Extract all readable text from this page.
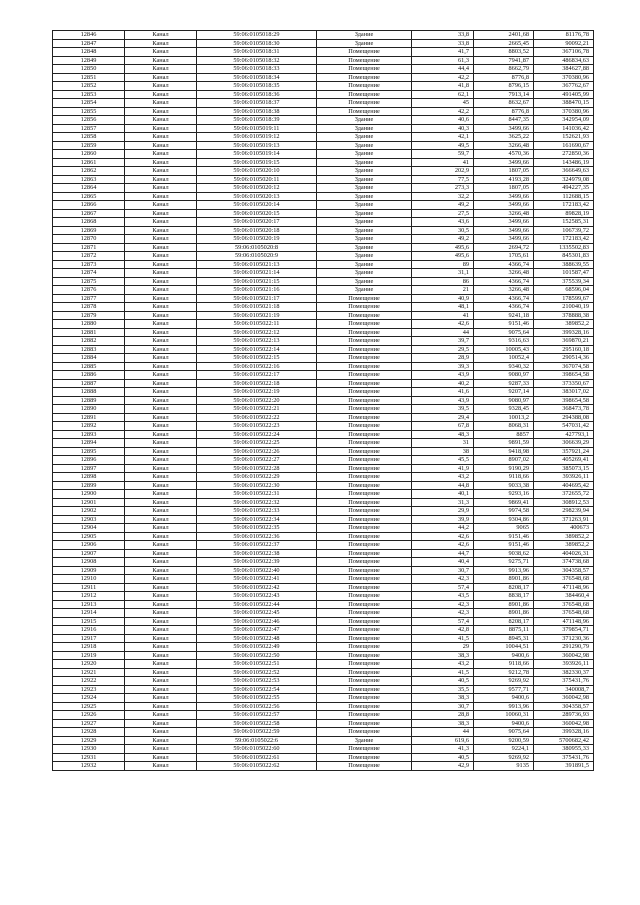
12846	Канал	59:06:0105018:29	Здание	33,8	2401,68	81176,78
12847	Канал	59:06:0105018:30	Здание	33,8	2665,45	90092,21
12848	Канал	59:06:0105018:31	Помещение	41,7	8803,52	367106,78
12849	Канал	59:06:0105018:32	Помещение	61,3	7941,87	486834,63
12850	Канал	59:06:0105018:33	Помещение	44,4	8662,79	384627,88
12851	Канал	59:06:0105018:34	Помещение	42,2	8776,8	370380,96
12852	Канал	59:06:0105018:35	Помещение	41,8	8796,15	367762,67
12853	Канал	59:06:0105018:36	Помещение	62,1	7913,14	491405,99
12854	Канал	59:06:0105018:37	Помещение	45	8632,67	388470,15
12855	Канал	59:06:0105018:38	Помещение	42,2	8776,8	370380,96
12856	Канал	59:06:0105018:39	Здание	40,6	8447,35	342954,09
12857	Канал	59:06:0105019:11	Здание	40,3	3499,66	141036,42
12858	Канал	59:06:0105019:12	Здание	42,1	3625,22	152621,93
12859	Канал	59:06:0105019:13	Здание	49,5	3266,48	161690,67
12860	Канал	59:06:0105019:14	Здание	59,7	4570,36	272850,36
12861	Канал	59:06:0105019:15	Здание	41	3499,66	143486,19
12862	Канал	59:06:0105020:10	Здание	202,9	1807,05	366649,63
12863	Канал	59:06:0105020:11	Здание	77,5	4193,28	324979,08
12864	Канал	59:06:0105020:12	Здание	273,3	1807,05	494227,35
12865	Канал	59:06:0105020:13	Здание	32,2	3499,66	112688,15
12866	Канал	59:06:0105020:14	Здание	49,2	3499,66	172183,42
12867	Канал	59:06:0105020:15	Здание	27,5	3266,48	89828,19
12868	Канал	59:06:0105020:17	Здание	43,6	3499,66	152585,31
12869	Канал	59:06:0105020:18	Здание	30,5	3499,66	106739,72
12870	Канал	59:06:0105020:19	Здание	49,2	3499,66	172183,42
12871	Канал	59:06:0105020:8	Здание	495,6	2694,72	1335502,83
12872	Канал	59:06:0105020:9	Здание	495,6	1705,61	845301,83
12873	Канал	59:06:0105021:13	Здание	89	4366,74	388639,55
12874	Канал	59:06:0105021:14	Здание	31,1	3266,48	101587,47
12875	Канал	59:06:0105021:15	Здание	86	4366,74	375539,34
12876	Канал	59:06:0105021:16	Здание	21	3266,48	68596,04
12877	Канал	59:06:0105021:17	Помещение	40,9	4366,74	178599,67
12878	Канал	59:06:0105021:18	Помещение	48,1	4366,74	210040,19
12879	Канал	59:06:0105021:19	Помещение	41	9241,18	378888,38
12880	Канал	59:06:0105022:11	Помещение	42,6	9151,46	389852,2
12881	Канал	59:06:0105022:12	Помещение	44	9075,64	399328,16
12882	Канал	59:06:0105022:13	Помещение	39,7	9316,63	369870,21
12883	Канал	59:06:0105022:14	Помещение	29,5	10005,43	295160,18
12884	Канал	59:06:0105022:15	Помещение	28,9	10052,4	290514,36
12885	Канал	59:06:0105022:16	Помещение	39,3	9340,32	367074,58
12886	Канал	59:06:0105022:17	Помещение	43,9	9080,97	398654,58
12887	Канал	59:06:0105022:18	Помещение	40,2	9287,33	373350,67
12888	Канал	59:06:0105022:19	Помещение	41,6	9207,14	383017,02
12889	Канал	59:06:0105022:20	Помещение	43,9	9080,97	398654,58
12890	Канал	59:06:0105022:21	Помещение	39,5	9328,45	368473,78
12891	Канал	59:06:0105022:22	Помещение	29,4	10013,2	294388,08
12892	Канал	59:06:0105022:23	Помещение	67,8	8068,31	547031,42
12893	Канал	59:06:0105022:24	Помещение	48,3	8857	427793,1
12894	Канал	59:06:0105022:25	Помещение	31	9891,59	306639,29
12895	Канал	59:06:0105022:26	Помещение	38	9418,98	357921,24
12896	Канал	59:06:0105022:27	Помещение	45,5	8907,02	405269,41
12897	Канал	59:06:0105022:28	Помещение	41,9	9190,29	385073,15
12898	Канал	59:06:0105022:29	Помещение	43,2	9118,66	393926,11
12899	Канал	59:06:0105022:30	Помещение	44,8	9033,38	404695,42
12900	Канал	59:06:0105022:31	Помещение	40,1	9293,16	372655,72
12901	Канал	59:06:0105022:32	Помещение	31,3	9869,41	308912,53
12902	Канал	59:06:0105022:33	Помещение	29,9	9974,58	298239,94
12903	Канал	59:06:0105022:34	Помещение	39,9	9304,86	371263,91
12904	Канал	59:06:0105022:35	Помещение	44,2	9065	400673
12905	Канал	59:06:0105022:36	Помещение	42,6	9151,46	389852,2
12906	Канал	59:06:0105022:37	Помещение	42,6	9151,46	389852,2
12907	Канал	59:06:0105022:38	Помещение	44,7	9038,62	404026,31
12908	Канал	59:06:0105022:39	Помещение	40,4	9275,71	374738,68
12909	Канал	59:06:0105022:40	Помещение	30,7	9913,96	304358,57
12910	Канал	59:06:0105022:41	Помещение	42,3	8901,86	376548,68
12911	Канал	59:06:0105022:42	Помещение	57,4	8208,17	471148,96
12912	Канал	59:06:0105022:43	Помещение	43,5	8838,17	384460,4
12913	Канал	59:06:0105022:44	Помещение	42,3	8901,86	376548,68
12914	Канал	59:06:0105022:45	Помещение	42,3	8901,86	376548,68
12915	Канал	59:06:0105022:46	Помещение	57,4	8208,17	471148,96
12916	Канал	59:06:0105022:47	Помещение	42,8	8875,11	379854,71
12917	Канал	59:06:0105022:48	Помещение	41,5	8945,31	371230,36
12918	Канал	59:06:0105022:49	Помещение	29	10044,51	291290,79
12919	Канал	59:06:0105022:50	Помещение	38,3	9400,6	360042,98
12920	Канал	59:06:0105022:51	Помещение	43,2	9118,66	393926,11
12921	Канал	59:06:0105022:52	Помещение	41,5	9212,78	382330,37
12922	Канал	59:06:0105022:53	Помещение	40,5	9269,92	375431,76
12923	Канал	59:06:0105022:54	Помещение	35,5	9577,71	340008,7
12924	Канал	59:06:0105022:55	Помещение	38,3	9400,6	360042,98
12925	Канал	59:06:0105022:56	Помещение	30,7	9913,96	304358,57
12926	Канал	59:06:0105022:57	Помещение	28,8	10060,31	289736,93
12927	Канал	59:06:0105022:58	Помещение	38,3	9400,6	360042,98
12928	Канал	59:06:0105022:59	Помещение	44	9075,64	399328,16
12929	Канал	59:06:0105022:6	Здание	619,6	9200,59	5700682,42
12930	Канал	59:06:0105022:60	Помещение	41,3	9224,1	380955,33
12931	Канал	59:06:0105022:61	Помещение	40,5	9269,92	375431,76
12932	Канал	59:06:0105022:62	Помещение	42,9	9135	391891,5
